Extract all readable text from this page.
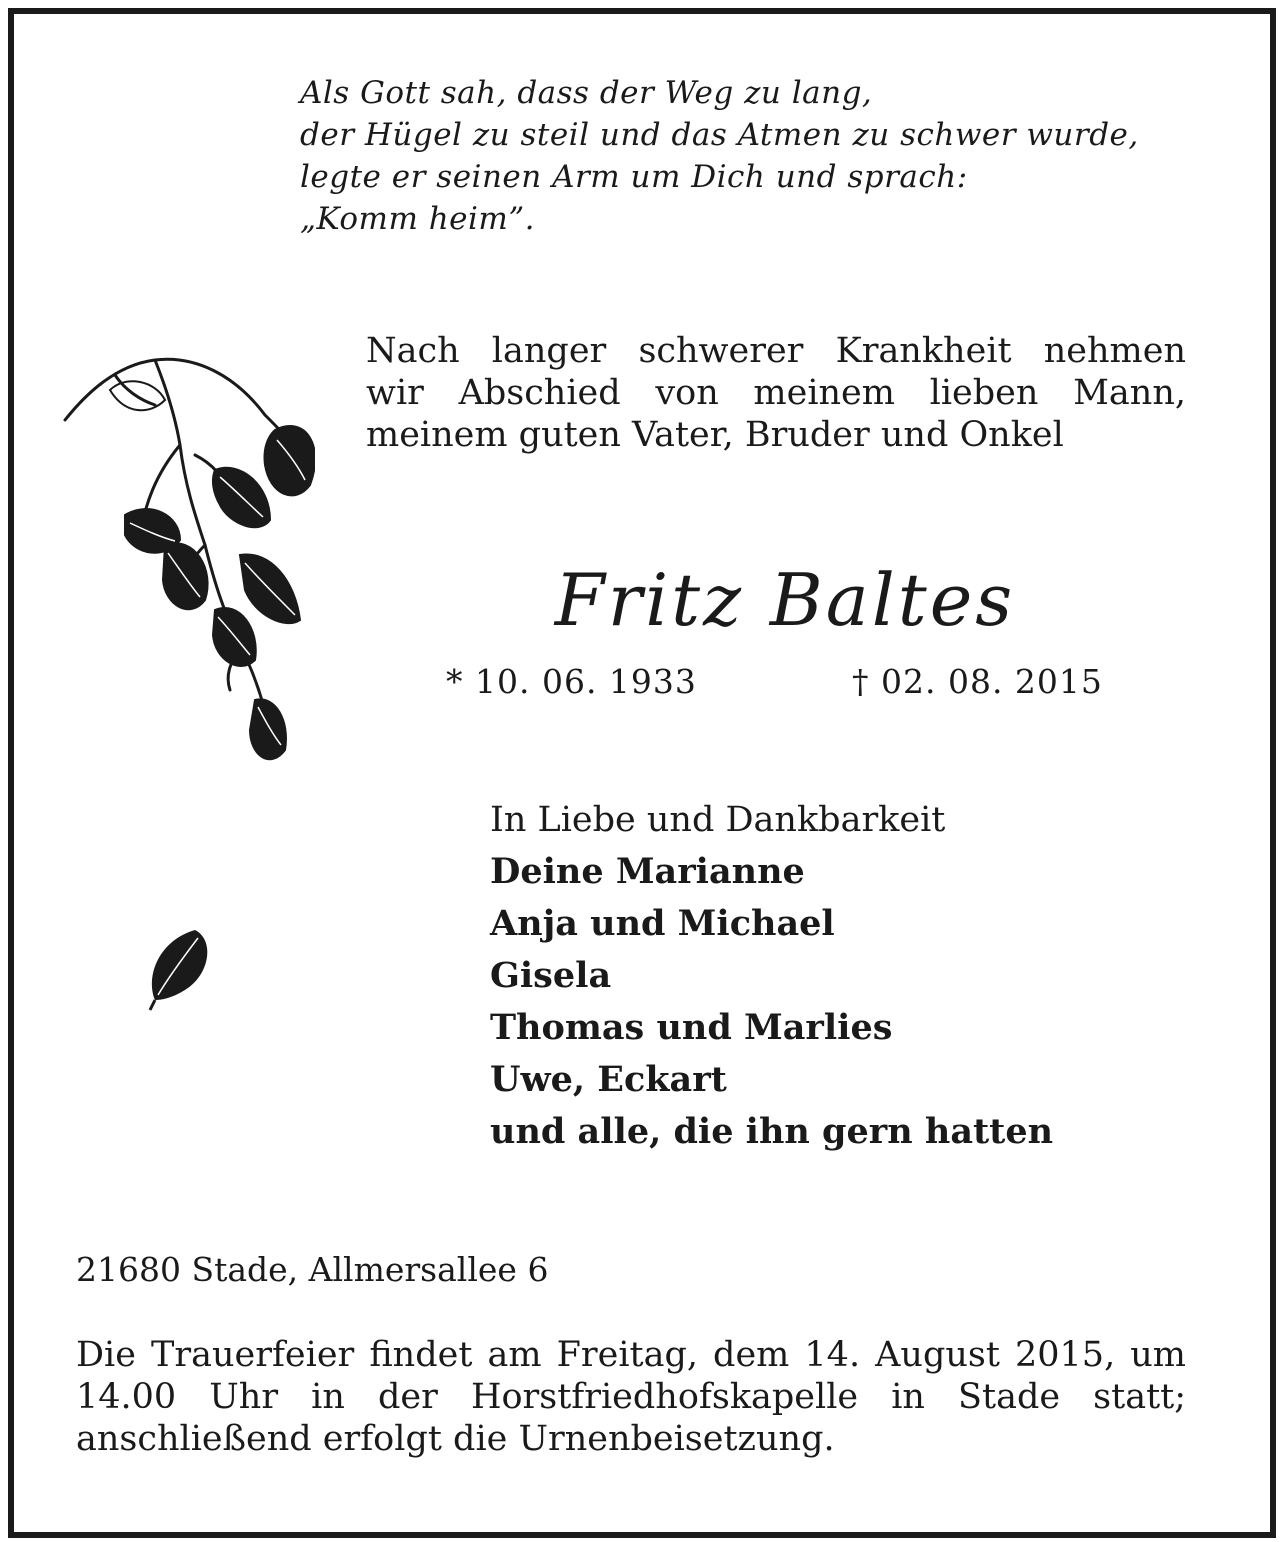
Als Gott sah, dass der Weg zu lang,
der Hügel zu steil und das Atmen zu schwer wurde,
legte er seinen Arm um Dich und sprach:
„Komm heim”.
Nach langer schwerer Krankheit nehmen
wir Abschied von meinem lieben Mann,
meinem guten Vater, Bruder und Onkel
Fritz Baltes
* 10. 06. 1933	† 02. 08. 2015
In Liebe und Dankbarkeit
Deine Marianne
Anja und Michael
Gisela
Thomas und Marlies
Uwe, Eckart
und alle, die ihn gern hatten
21680 Stade, Allmersallee 6
Die Trauerfeier findet am Freitag, dem 14. August 2015, um 14.00 Uhr in der Horstfriedhofskapelle in Stade statt; anschließend erfolgt die Urnenbeisetzung.
